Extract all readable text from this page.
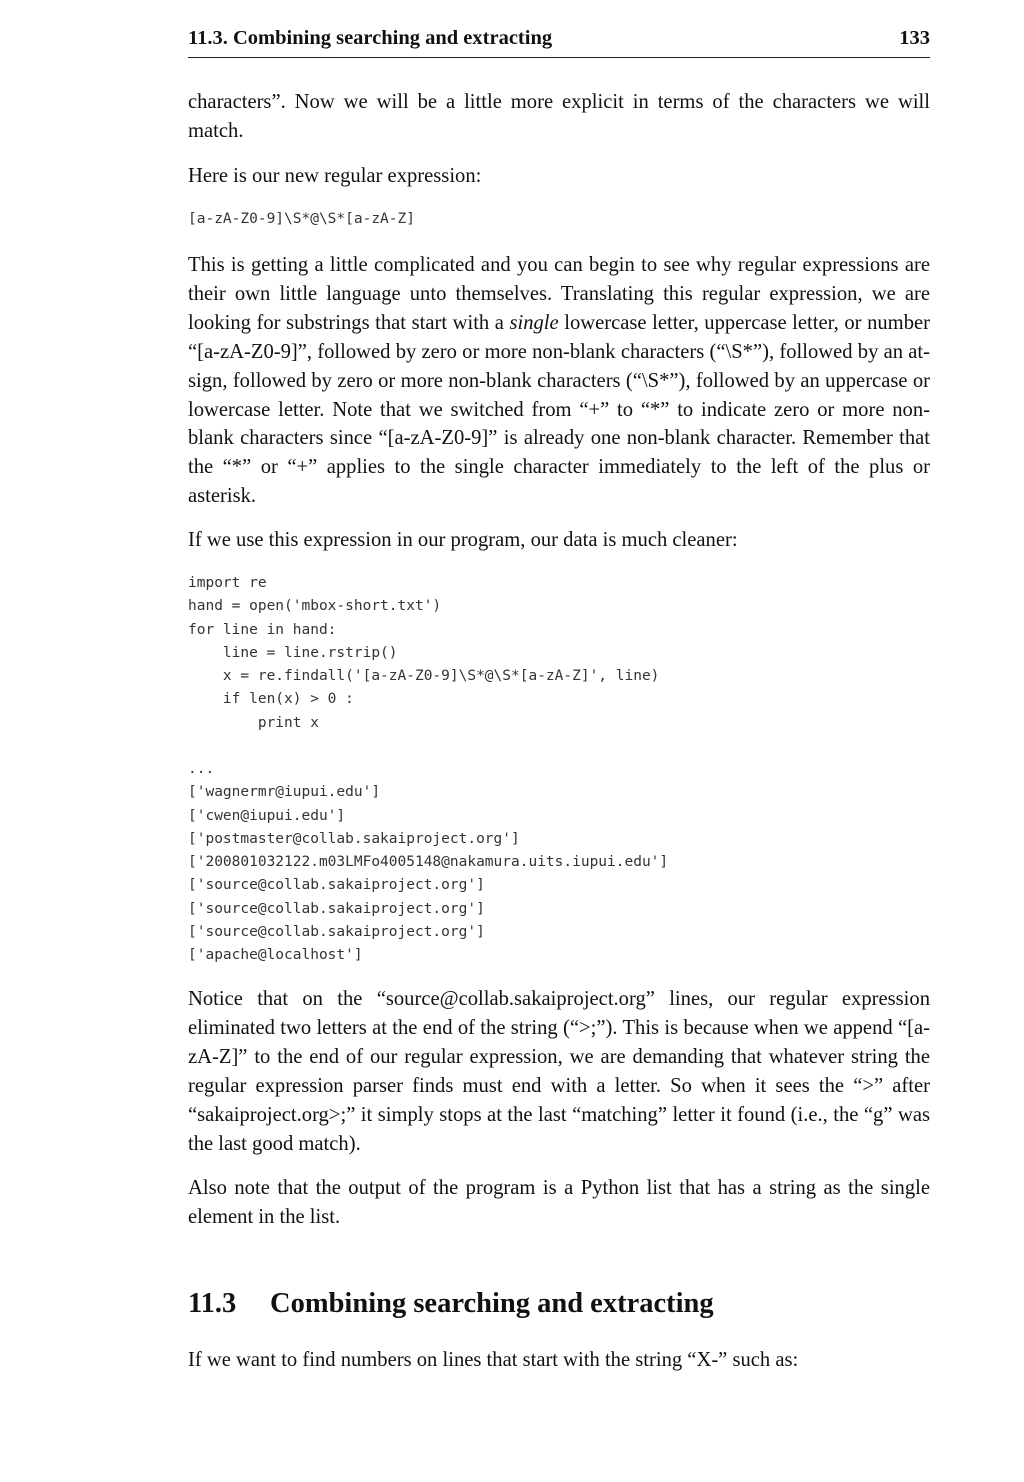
11.3. Combining searching and extracting	133

characters”. Now we will be a little more explicit in terms of the characters we will match.

Here is our new regular expression:

[a-zA-Z0-9]\S*@\S*[a-zA-Z]

This is getting a little complicated and you can begin to see why regular expressions are their own little language unto themselves. Translating this regular expression, we are looking for substrings that start with a single lowercase letter, uppercase letter, or number “[a-zA-Z0-9]”, followed by zero or more non-blank characters (“\S*”), followed by an at-sign, followed by zero or more non-blank characters (“\S*”), followed by an uppercase or lowercase letter. Note that we switched from “+” to “*” to indicate zero or more non-blank characters since “[a-zA-Z0-9]” is already one non-blank character. Remember that the “*” or “+” applies to the single character immediately to the left of the plus or asterisk.

If we use this expression in our program, our data is much cleaner:

import re
hand = open('mbox-short.txt')
for line in hand:
line = line.rstrip()
x = re.findall('[a-zA-Z0-9]\S*@\S*[a-zA-Z]', line)
if len(x) > 0 :
print x
...
['wagnermr@iupui.edu']
['cwen@iupui.edu']
['postmaster@collab.sakaiproject.org']
['200801032122.m03LMFo4005148@nakamura.uits.iupui.edu']
['source@collab.sakaiproject.org']
['source@collab.sakaiproject.org']
['source@collab.sakaiproject.org']
['apache@localhost']

Notice that on the “source@collab.sakaiproject.org” lines, our regular expression eliminated two letters at the end of the string (“>;”). This is because when we append “[a-zA-Z]” to the end of our regular expression, we are demanding that whatever string the regular expression parser finds must end with a letter. So when it sees the “>” after “sakaiproject.org>;” it simply stops at the last “matching” letter it found (i.e., the “g” was the last good match).

Also note that the output of the program is a Python list that has a string as the single element in the list.

11.3 Combining searching and extracting

If we want to find numbers on lines that start with the string “X-” such as:
